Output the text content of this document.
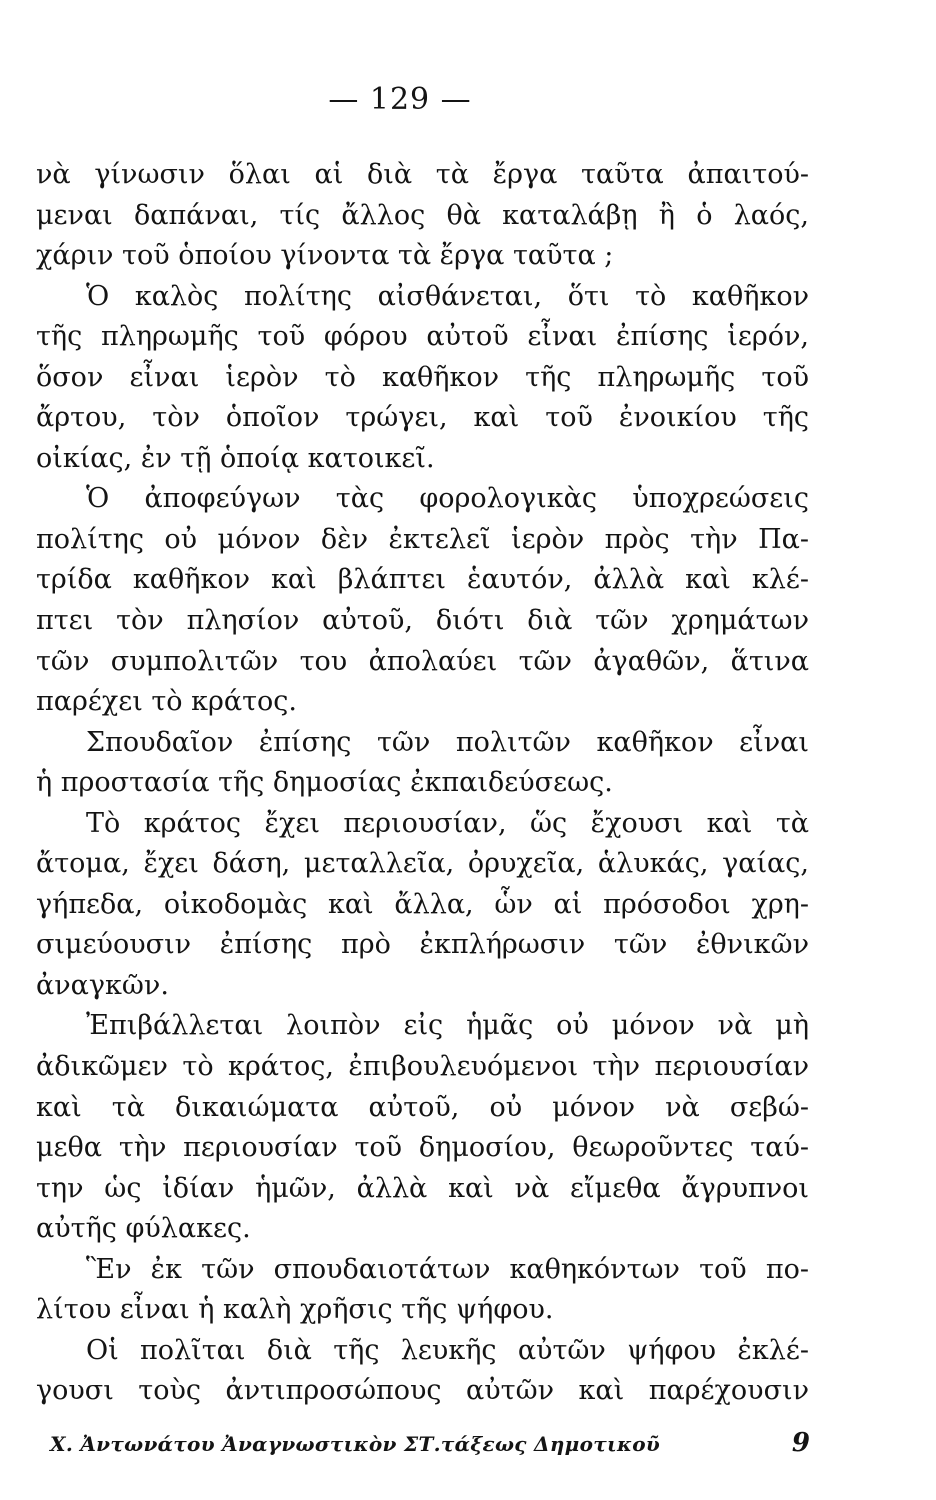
— 129 —
νὰ γίνωσιν ὅλαι αἱ διὰ τὰ ἔργα ταῦτα ἀπαιτού-
μεναι δαπάναι, τίς ἄλλος θὰ καταλάβῃ ἢ ὁ λαός,
χάριν τοῦ ὁποίου γίνοντα τὰ ἔργα ταῦτα ;
Ὁ καλὸς πολίτης αἰσθάνεται, ὅτι τὸ καθῆκον
τῆς πληρωμῆς τοῦ φόρου αὐτοῦ εἶναι ἐπίσης ἱερόν,
ὅσον εἶναι ἱερὸν τὸ καθῆκον τῆς πληρωμῆς τοῦ
ἄρτου, τὸν ὁποῖον τρώγει, καὶ τοῦ ἐνοικίου τῆς
οἰκίας, ἐν τῇ ὁποίᾳ κατοικεῖ.
Ὁ ἀποφεύγων τὰς φορολογικὰς ὑποχρεώσεις
πολίτης οὐ μόνον δὲν ἐκτελεῖ ἱερὸν πρὸς τὴν Πα-
τρίδα καθῆκον καὶ βλάπτει ἑαυτόν, ἀλλὰ καὶ κλέ-
πτει τὸν πλησίον αὐτοῦ, διότι διὰ τῶν χρημάτων
τῶν συμπολιτῶν του ἀπολαύει τῶν ἀγαθῶν, ἅτινα
παρέχει τὸ κράτος.
Σπουδαῖον ἐπίσης τῶν πολιτῶν καθῆκον εἶναι
ἡ προστασία τῆς δημοσίας ἐκπαιδεύσεως.
Τὸ κράτος ἔχει περιουσίαν, ὥς ἔχουσι καὶ τὰ
ἄτομα, ἔχει δάση, μεταλλεῖα, ὀρυχεῖα, ἁλυκάς, γαίας,
γήπεδα, οἰκοδομὰς καὶ ἄλλα, ὧν αἱ πρόσοδοι χρη-
σιμεύουσιν ἐπίσης πρὸ ἐκπλήρωσιν τῶν ἐθνικῶν
ἀναγκῶν.
Ἐπιβάλλεται λοιπὸν εἰς ἡμᾶς οὐ μόνον νὰ μὴ
ἀδικῶμεν τὸ κράτος, ἐπιβουλευόμενοι τὴν περιουσίαν
καὶ τὰ δικαιώματα αὐτοῦ, οὐ μόνον νὰ σεβώ-
μεθα τὴν περιουσίαν τοῦ δημοσίου, θεωροῦντες ταύ-
την ὡς ἰδίαν ἡμῶν, ἀλλὰ καὶ νὰ εἴμεθα ἄγρυπνοι
αὐτῆς φύλακες.
Ἓν ἐκ τῶν σπουδαιοτάτων καθηκόντων τοῦ πο-
λίτου εἶναι ἡ καλὴ χρῆσις τῆς ψήφου.
Οἱ πολῖται διὰ τῆς λευκῆς αὐτῶν ψήφου ἐκλέ-
γουσι τοὺς ἀντιπροσώπους αὐτῶν καὶ παρέχουσιν
Χ. Ἀντωνάτου Ἀναγνωστικὸν ΣΤ.τάξεως Δημοτικοῦ	9
